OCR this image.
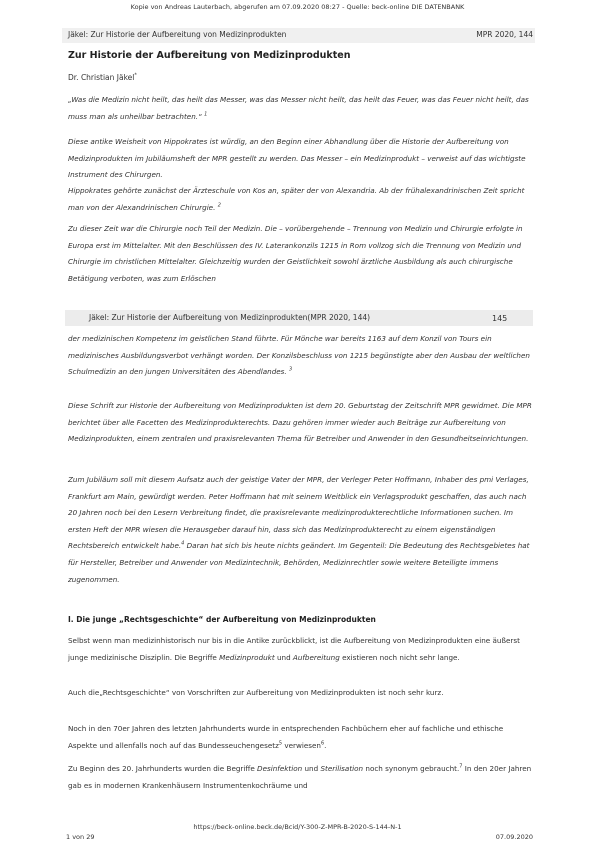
Kopie von Andreas Lauterbach, abgerufen am 07.09.2020 08:27 - Quelle: beck-online DIE DATENBANK
Jäkel: Zur Historie der Aufbereitung von Medizinprodukten	MPR 2020, 144
Zur Historie der Aufbereitung von Medizinprodukten
Dr. Christian Jäkel*

„Was die Medizin nicht heilt, das heilt das Messer, was das Messer nicht heilt, das heilt das Feuer, was das Feuer nicht heilt, das muss man als unheilbar betrachten.“ $^1$

Diese antike Weisheit von Hippokrates ist würdig, an den Beginn einer Abhandlung über die Historie der Aufbereitung von Medizinprodukten im Jubiläumsheft der MPR gestellt zu werden. Das Messer – ein Medizinprodukt – verweist auf das wichtigste Instrument des Chirurgen.

Hippokrates gehörte zunächst der Ärzteschule von Kos an, später der von Alexandria. Ab der frühalexandrinischen Zeit spricht man von der Alexandrinischen Chirurgie. $^2$

Zu dieser Zeit war die Chirurgie noch Teil der Medizin. Die – vorübergehende – Trennung von Medizin und Chirurgie erfolgte in Europa erst im Mittelalter. Mit den Beschlüssen des IV. Laterankonzils 1215 in Rom vollzog sich die Trennung von Medizin und Chirurgie im christlichen Mittelalter. Gleichzeitig wurden der Geistlichkeit sowohl ärztliche Ausbildung als auch chirurgische Betätigung verboten, was zum Erlöschen

Jäkel: Zur Historie der Aufbereitung von Medizinprodukten(MPR 2020, 144)	145

der medizinischen Kompetenz im geistlichen Stand führte. Für Mönche war bereits 1163 auf dem Konzil von Tours ein medizinisches Ausbildungsverbot verhängt worden. Der Konzilsbeschluss von 1215 begünstigte aber den Ausbau der weltlichen Schulmedizin an den jungen Universitäten des Abendlandes. $^3$

Diese Schrift zur Historie der Aufbereitung von Medizinprodukten ist dem 20. Geburtstag der Zeitschrift MPR gewidmet. Die MPR berichtet über alle Facetten des Medizinprodukterechts. Dazu gehören immer wieder auch Beiträge zur Aufbereitung von Medizinprodukten, einem zentralen und praxisrelevanten Thema für Betreiber und Anwender in den Gesundheitseinrichtungen.

Zum Jubiläum soll mit diesem Aufsatz auch der geistige Vater der MPR, der Verleger Peter Hoffmann, Inhaber des pmi Verlages, Frankfurt am Main, gewürdigt werden. Peter Hoffmann hat mit seinem Weitblick ein Verlagsprodukt geschaffen, das auch nach 20 Jahren noch bei den Lesern Verbreitung findet, die praxisrelevante medizinprodukterechtliche Informationen suchen. Im ersten Heft der MPR wiesen die Herausgeber darauf hin, dass sich das Medizinprodukterecht zu einem eigenständigen Rechtsbereich entwickelt habe.$^4$ Daran hat sich bis heute nichts geändert. Im Gegenteil: Die Bedeutung des Rechtsgebietes hat für Hersteller, Betreiber und Anwender von Medizintechnik, Behörden, Medizinrechtler sowie weitere Beteiligte immens zugenommen.

I. Die junge „Rechtsgeschichte“ der Aufbereitung von Medizinprodukten

Selbst wenn man medizinhistorisch nur bis in die Antike zurückblickt, ist die Aufbereitung von Medizinprodukten eine äußerst junge medizinische Disziplin. Die Begriffe Medizinprodukt und Aufbereitung existieren noch nicht sehr lange.

Auch die„Rechtsgeschichte“ von Vorschriften zur Aufbereitung von Medizinprodukten ist noch sehr kurz.

Noch in den 70er Jahren des letzten Jahrhunderts wurde in entsprechenden Fachbüchern eher auf fachliche und ethische Aspekte und allenfalls noch auf das Bundesseuchengesetz$^5$ verwiesen$^6$.

Zu Beginn des 20. Jahrhunderts wurden die Begriffe Desinfektion und Sterilisation noch synonym gebraucht.$^7$ In den 20er Jahren gab es in modernen Krankenhäusern Instrumentenkochräume und

https://beck-online.beck.de/Bcid/Y-300-Z-MPR-B-2020-S-144-N-1
1 von 29	07.09.2020
